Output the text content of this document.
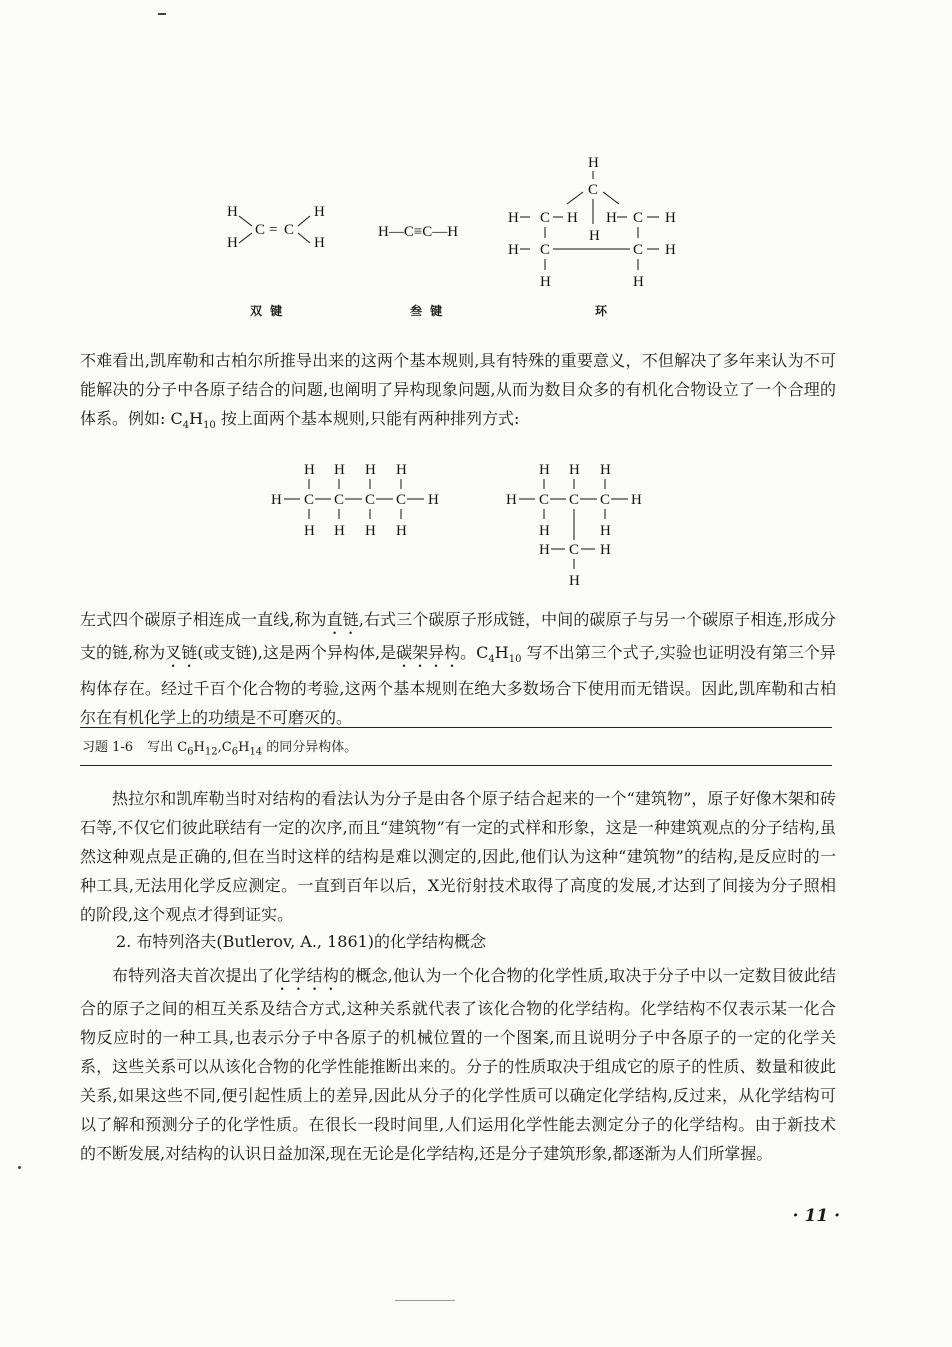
H
H
C = C
H
H
双 键
H—C≡C—H
叁 键
H
C
H C H H C H
H
H C	C H
H	H
环

不难看出,凯库勒和古柏尔所推导出来的这两个基本规则,具有特殊的重要意义，不但解决了多年来认为不可能解决的分子中各原子结合的问题,也阐明了异构现象问题,从而为数目众多的有机化合物设立了一个合理的体系。例如: $C_4H_{10}$ 按上面两个基本规则,只能有两种排列方式:

H H H H
H C C C C H
H H H H
H H H
H C C C H
H	H
H C H
H

左式四个碳原子相连成一直线,称为直链,右式三个碳原子形成链，中间的碳原子与另一个碳原子相连,形成分支的链,称为叉链(或支链),这是两个异构体,是碳架异构。$C_4H_{10}$ 写不出第三个式子,实验也证明没有第三个异构体存在。经过千百个化合物的考验,这两个基本规则在绝大多数场合下使用而无错误。因此,凯库勒和古柏尔在有机化学上的功绩是不可磨灭的。

习题 1-6 写出 $C_6H_{12},C_6H_{14}$ 的同分异构体。

热拉尔和凯库勒当时对结构的看法认为分子是由各个原子结合起来的一个“建筑物”，原子好像木架和砖石等,不仅它们彼此联结有一定的次序,而且“建筑物”有一定的式样和形象，这是一种建筑观点的分子结构,虽然这种观点是正确的,但在当时这样的结构是难以测定的,因此,他们认为这种“建筑物”的结构,是反应时的一种工具,无法用化学反应测定。一直到百年以后，X光衍射技术取得了高度的发展,才达到了间接为分子照相的阶段,这个观点才得到证实。

2. 布特列洛夫(Butlerov, A., 1861)的化学结构概念

布特列洛夫首次提出了化学结构的概念,他认为一个化合物的化学性质,取决于分子中以一定数目彼此结合的原子之间的相互关系及结合方式,这种关系就代表了该化合物的化学结构。化学结构不仅表示某一化合物反应时的一种工具,也表示分子中各原子的机械位置的一个图案,而且说明分子中各原子的一定的化学关系，这些关系可以从该化合物的化学性能推断出来的。分子的性质取决于组成它的原子的性质、数量和彼此关系,如果这些不同,便引起性质上的差异,因此从分子的化学性质可以确定化学结构,反过来，从化学结构可以了解和预测分子的化学性质。在很长一段时间里,人们运用化学性能去测定分子的化学结构。由于新技术的不断发展,对结构的认识日益加深,现在无论是化学结构,还是分子建筑形象,都逐渐为人们所掌握。

· 11 ·
